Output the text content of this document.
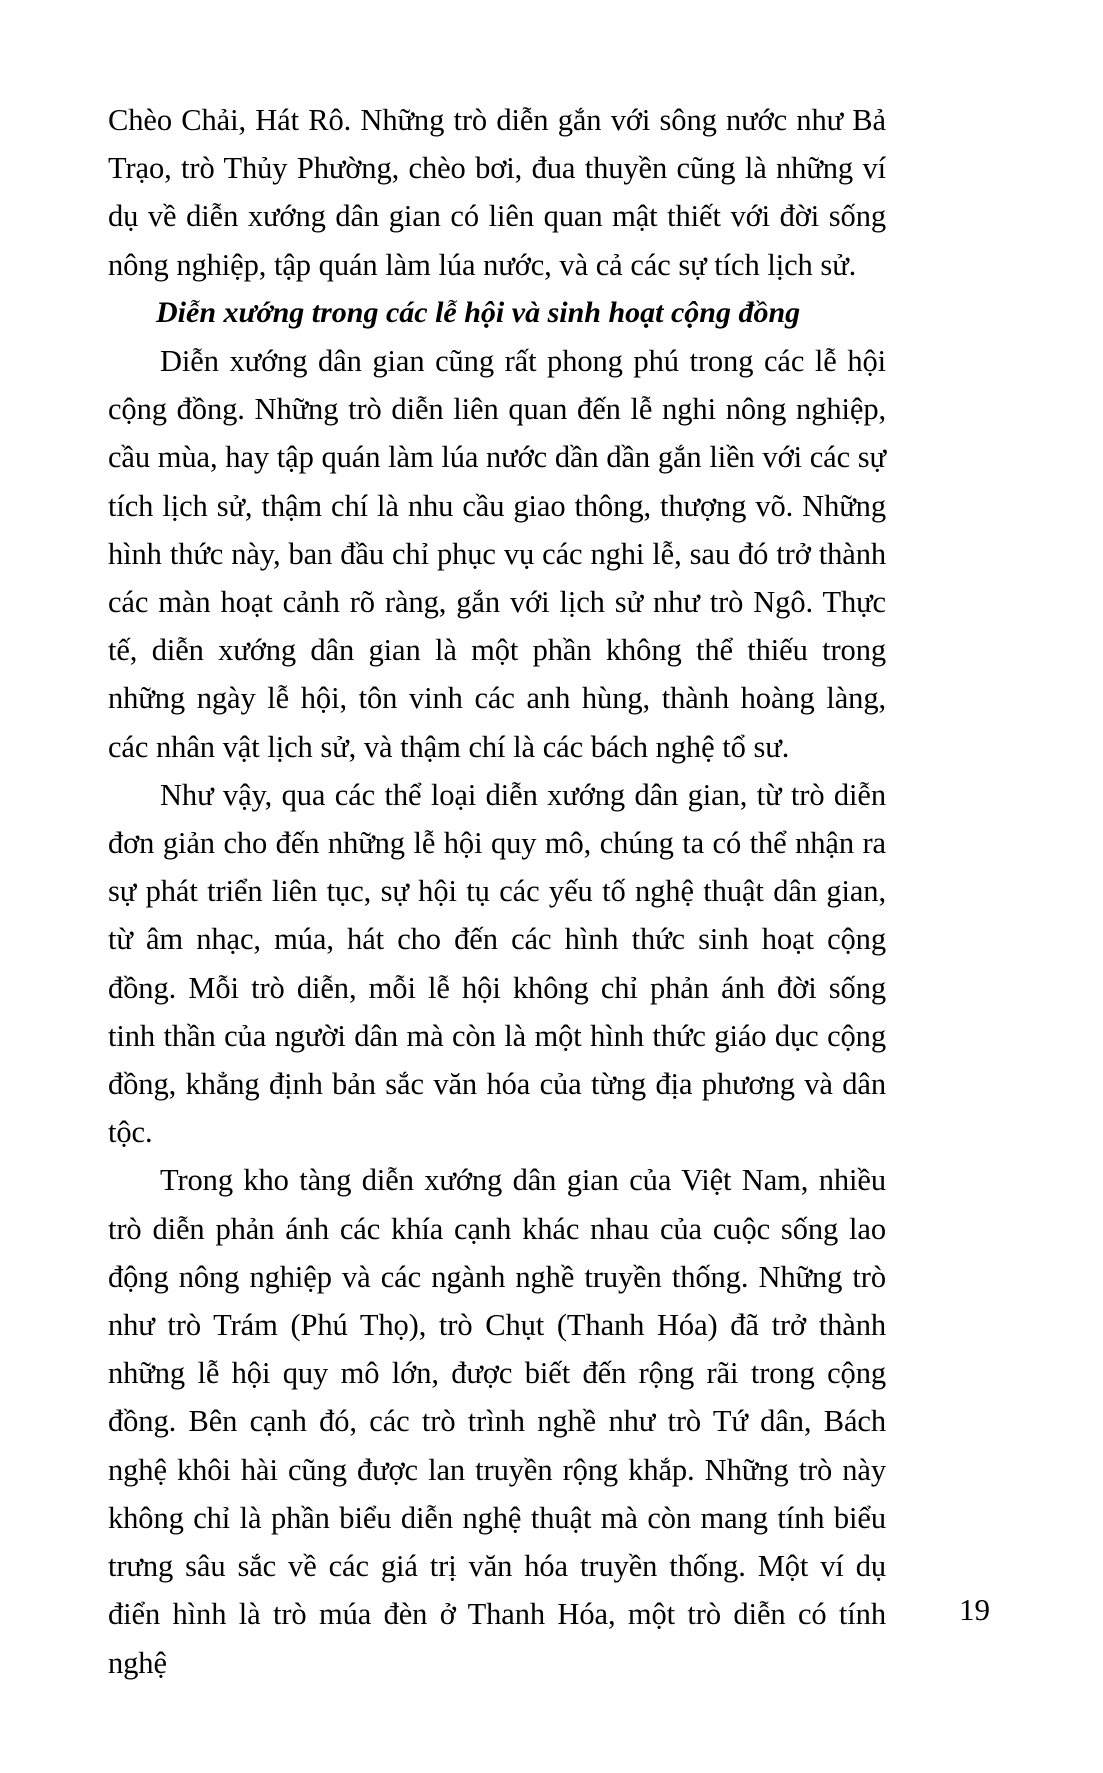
Chèo Chải, Hát Rô. Những trò diễn gắn với sông nước như Bả Trạo, trò Thủy Phường, chèo bơi, đua thuyền cũng là những ví dụ về diễn xướng dân gian có liên quan mật thiết với đời sống nông nghiệp, tập quán làm lúa nước, và cả các sự tích lịch sử.

Diễn xướng trong các lễ hội và sinh hoạt cộng đồng

Diễn xướng dân gian cũng rất phong phú trong các lễ hội cộng đồng. Những trò diễn liên quan đến lễ nghi nông nghiệp, cầu mùa, hay tập quán làm lúa nước dần dần gắn liền với các sự tích lịch sử, thậm chí là nhu cầu giao thông, thượng võ. Những hình thức này, ban đầu chỉ phục vụ các nghi lễ, sau đó trở thành các màn hoạt cảnh rõ ràng, gắn với lịch sử như trò Ngô. Thực tế, diễn xướng dân gian là một phần không thể thiếu trong những ngày lễ hội, tôn vinh các anh hùng, thành hoàng làng, các nhân vật lịch sử, và thậm chí là các bách nghệ tổ sư.

Như vậy, qua các thể loại diễn xướng dân gian, từ trò diễn đơn giản cho đến những lễ hội quy mô, chúng ta có thể nhận ra sự phát triển liên tục, sự hội tụ các yếu tố nghệ thuật dân gian, từ âm nhạc, múa, hát cho đến các hình thức sinh hoạt cộng đồng. Mỗi trò diễn, mỗi lễ hội không chỉ phản ánh đời sống tinh thần của người dân mà còn là một hình thức giáo dục cộng đồng, khẳng định bản sắc văn hóa của từng địa phương và dân tộc.

Trong kho tàng diễn xướng dân gian của Việt Nam, nhiều trò diễn phản ánh các khía cạnh khác nhau của cuộc sống lao động nông nghiệp và các ngành nghề truyền thống. Những trò như trò Trám (Phú Thọ), trò Chụt (Thanh Hóa) đã trở thành những lễ hội quy mô lớn, được biết đến rộng rãi trong cộng đồng. Bên cạnh đó, các trò trình nghề như trò Tứ dân, Bách nghệ khôi hài cũng được lan truyền rộng khắp. Những trò này không chỉ là phần biểu diễn nghệ thuật mà còn mang tính biểu trưng sâu sắc về các giá trị văn hóa truyền thống. Một ví dụ điển hình là trò múa đèn ở Thanh Hóa, một trò diễn có tính nghệ

19
